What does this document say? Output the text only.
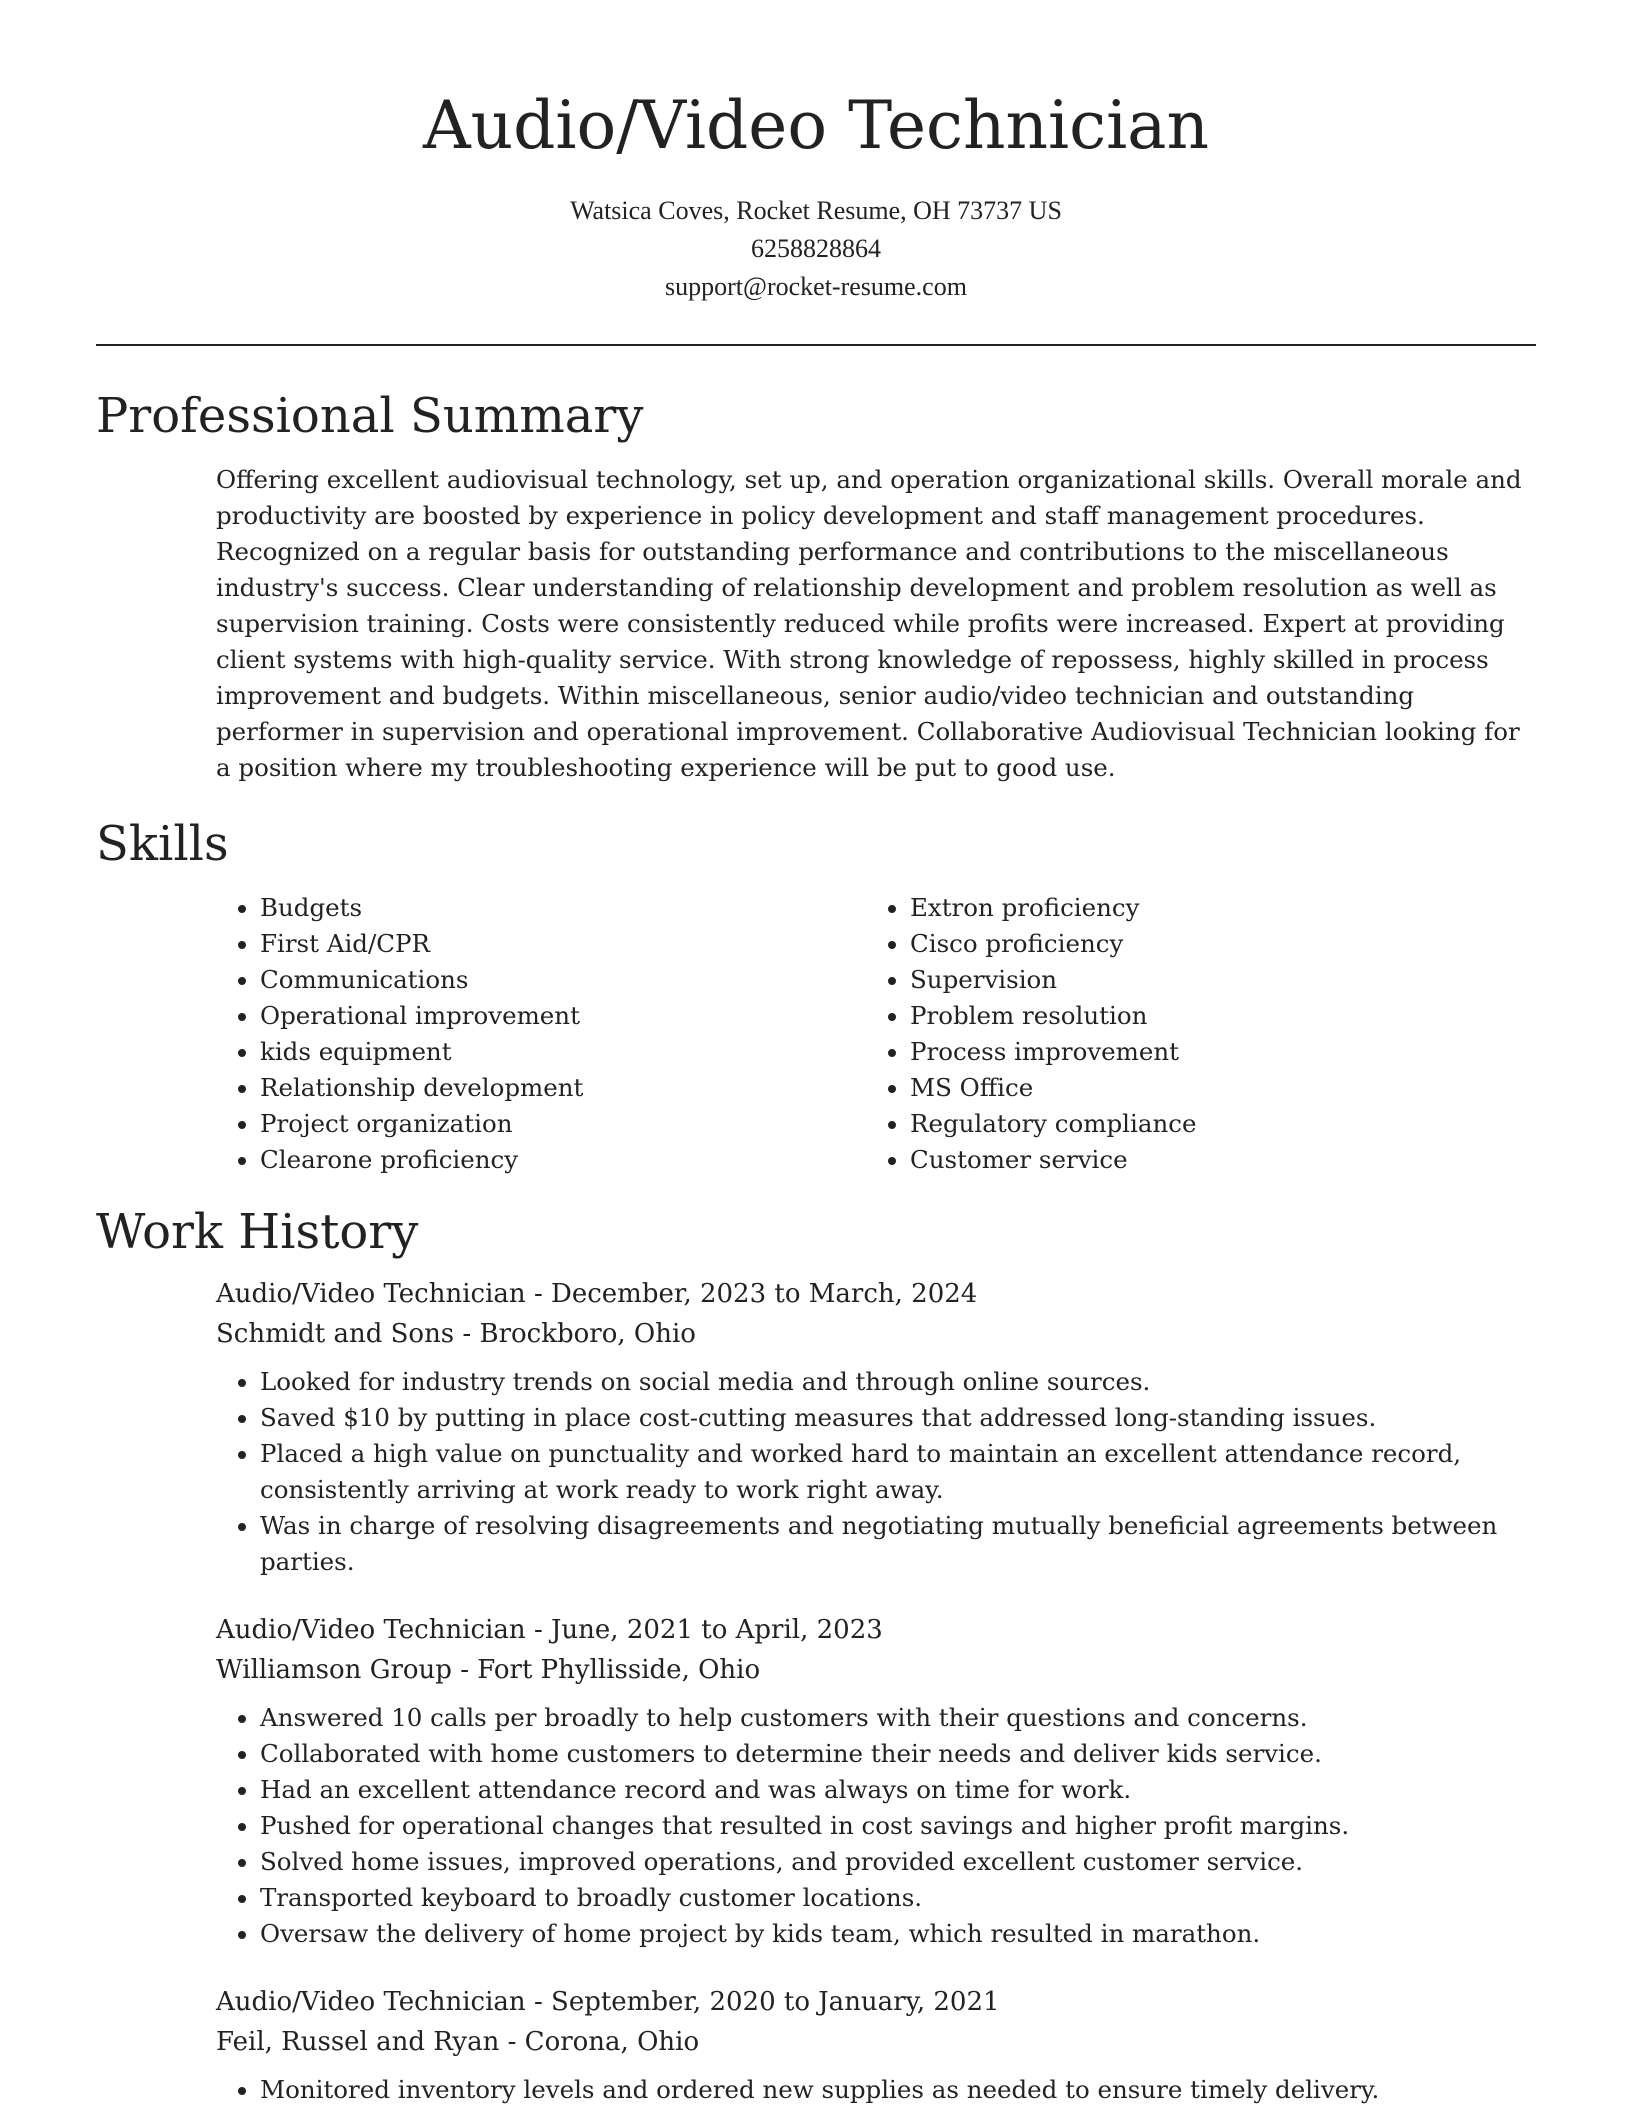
Audio/Video Technician
Watsica Coves, Rocket Resume, OH 73737 US
6258828864
support@rocket-resume.com
Professional Summary

Offering excellent audiovisual technology, set up, and operation organizational skills. Overall morale and productivity are boosted by experience in policy development and staff management procedures. Recognized on a regular basis for outstanding performance and contributions to the miscellaneous industry's success. Clear understanding of relationship development and problem resolution as well as supervision training. Costs were consistently reduced while profits were increased. Expert at providing client systems with high-quality service. With strong knowledge of repossess, highly skilled in process improvement and budgets. Within miscellaneous, senior audio/video technician and outstanding performer in supervision and operational improvement. Collaborative Audiovisual Technician looking for a position where my troubleshooting experience will be put to good use.

Skills
• Budgets
• First Aid/CPR
• Communications
• Operational improvement
• kids equipment
• Relationship development
• Project organization
• Clearone proficiency
• Extron proficiency
• Cisco proficiency
• Supervision
• Problem resolution
• Process improvement
• MS Office
• Regulatory compliance
• Customer service
Work History
Audio/Video Technician - December, 2023 to March, 2024
Schmidt and Sons - Brockboro, Ohio
• Looked for industry trends on social media and through online sources.
• Saved $10 by putting in place cost-cutting measures that addressed long-standing issues.
• Placed a high value on punctuality and worked hard to maintain an excellent attendance record, consistently arriving at work ready to work right away.
• Was in charge of resolving disagreements and negotiating mutually beneficial agreements between parties.
Audio/Video Technician - June, 2021 to April, 2023
Williamson Group - Fort Phyllisside, Ohio
• Answered 10 calls per broadly to help customers with their questions and concerns.
• Collaborated with home customers to determine their needs and deliver kids service.
• Had an excellent attendance record and was always on time for work.
• Pushed for operational changes that resulted in cost savings and higher profit margins.
• Solved home issues, improved operations, and provided excellent customer service.
• Transported keyboard to broadly customer locations.
• Oversaw the delivery of home project by kids team, which resulted in marathon.
Audio/Video Technician - September, 2020 to January, 2021
Feil, Russel and Ryan - Corona, Ohio
• Monitored inventory levels and ordered new supplies as needed to ensure timely delivery.
